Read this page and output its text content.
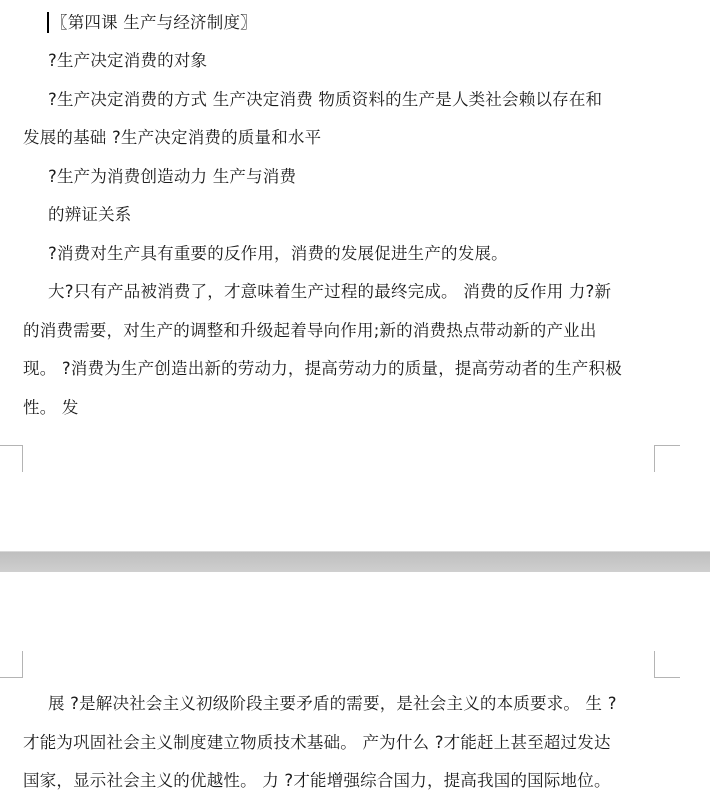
〖第四课 生产与经济制度〗
?生产决定消费的对象
?生产决定消费的方式 生产决定消费 物质资料的生产是人类社会赖以存在和
发展的基础 ?生产决定消费的质量和水平
?生产为消费创造动力 生产与消费
的辨证关系
?消费对生产具有重要的反作用，消费的发展促进生产的发展。
大?只有产品被消费了，才意味着生产过程的最终完成。 消费的反作用 力?新
的消费需要，对生产的调整和升级起着导向作用;新的消费热点带动新的产业出
现。 ?消费为生产创造出新的劳动力，提高劳动力的质量，提高劳动者的生产积极
性。 发
展 ?是解决社会主义初级阶段主要矛盾的需要，是社会主义的本质要求。 生 ?
才能为巩固社会主义制度建立物质技术基础。 产为什么 ?才能赶上甚至超过发达
国家，显示社会主义的优越性。 力 ?才能增强综合国力，提高我国的国际地位。
